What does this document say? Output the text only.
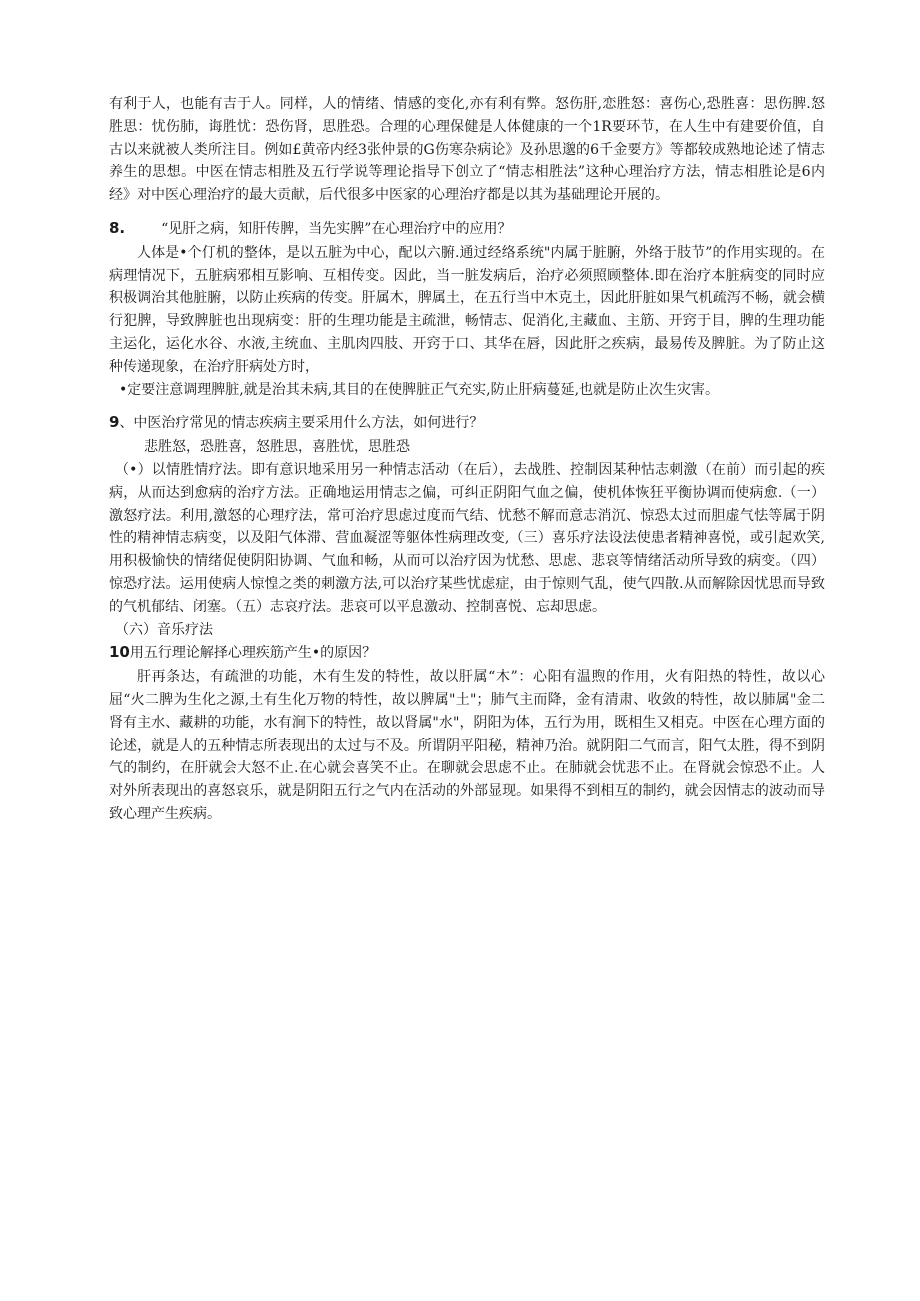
有利于人，也能有吉于人。同样，人的情绪、情感的变化,亦有利有弊。怒伤肝,恋胜怒：喜伤心,恐胜喜：思伤脾.怒胜思：忧伤肺，诲胜忧：恐伤肾，思胜恐。合理的心理保健是人体健康的一个1R要环节，在人生中有建要价值，自古以来就被人类所注目。例如£黄帝内经3张仲景的G伤寒杂病论》及孙思邈的6千金要方》等都较成熟地论述了情志养生的思想。中医在情志相胜及五行学说等理论指导下创立了“情志相胜法”这种心理治疗方法，情志相胜论是6内经》对中医心理治疗的最大贡献，后代很多中医家的心理治疗都是以其为基础理论开展的。

8.	“见肝之病，知肝传脾，当先实脾”在心理治疗中的应用？

人体是•个仃机的整体，是以五脏为中心，配以六腑.通过经络系统"内属于脏腑，外络于肢节”的作用实现的。在病理情况下，五脏病邪相互影响、互相传变。因此，当一脏发病后，治疗必须照顾整体.即在治疗本脏病变的同时应积极调治其他脏腑，以防止疾病的传变。肝属木，脾属土，在五行当中木克土，因此肝脏如果气机疏泻不畅，就会横行犯脾，导致脾脏也出现病变：肝的生理功能是主疏泄，畅情志、促消化,主藏血、主筋、开窍于目，脾的生理功能主运化，运化水谷、水液,主统血、主肌肉四肢、开窍于口、其华在唇，因此肝之疾病，最易传及脾脏。为了防止这种传递现象，在治疗肝病处方时，

•定要注意调理脾脏,就是治其未病,其目的在使脾脏正气充实,防止肝病蔓延,也就是防止次生灾害。

9、中医治疗常见的情志疾病主要采用什么方法，如何进行？

悲胜怒，恐胜喜，怒胜思，喜胜忧，思胜恐

（•）以情胜情疗法。即有意识地采用另一种情志活动（在后），去战胜、控制因某种怙志刺激（在前）而引起的疾病，从而达到愈病的治疗方法。正确地运用情志之偏，可纠正阴阳气血之偏，使机体恢狂平衡协调而使病愈.（一）激怒疗法。利用,激怒的心理疗法，常可治疗思虑过度而气结、忧愁不解而意志消沉、惊恐太过而胆虚气怯等属于阴性的精神情志病变，以及阳气体滞、营血凝涩等躯体性病理改变,（三）喜乐疗法设法使患者精神喜悦，或引起欢笑,用积极愉快的情绪促使阴阳协调、气血和畅，从而可以治疗因为忧愁、思虑、悲哀等情绪活动所导致的病变。（四）惊恐疗法。运用使病人惊惶之类的刺激方法,可以治疗某些忧虑症，由于惊则气乱，使气四散.从而解除因忧思而导致的气机郁结、闭塞。（五）志哀疗法。悲哀可以平息激动、控制喜悦、忘却思虑。

（六）音乐疗法

10用五行理论解择心理疾筋产生•的原因？

肝再条达，有疏泄的功能，木有生发的特性，故以肝属“木”：心阳有温煦的作用，火有阳热的特性，故以心屈“火二脾为生化之源,土有生化万物的特性，故以脾属"土"；肺气主而降，金有清肃、收敛的特性，故以肺属"金二肾有主水、藏耕的功能，水有涧下的特性，故以肾属"水"，阴阳为体，五行为用，既相生又相克。中医在心理方面的论述，就是人的五种情志所表现出的太过与不及。所谓阴平阳秘，精神乃治。就阴阳二气而言，阳气太胜，得不到阴气的制约，在肝就会大怒不止.在心就会喜笑不止。在聊就会思虑不止。在肺就会忧悲不止。在肾就会惊恐不止。人对外所表现出的喜怒哀乐，就是阴阳五行之气内在活动的外部显现。如果得不到相互的制约，就会因情志的波动而导致心理产生疾病。
